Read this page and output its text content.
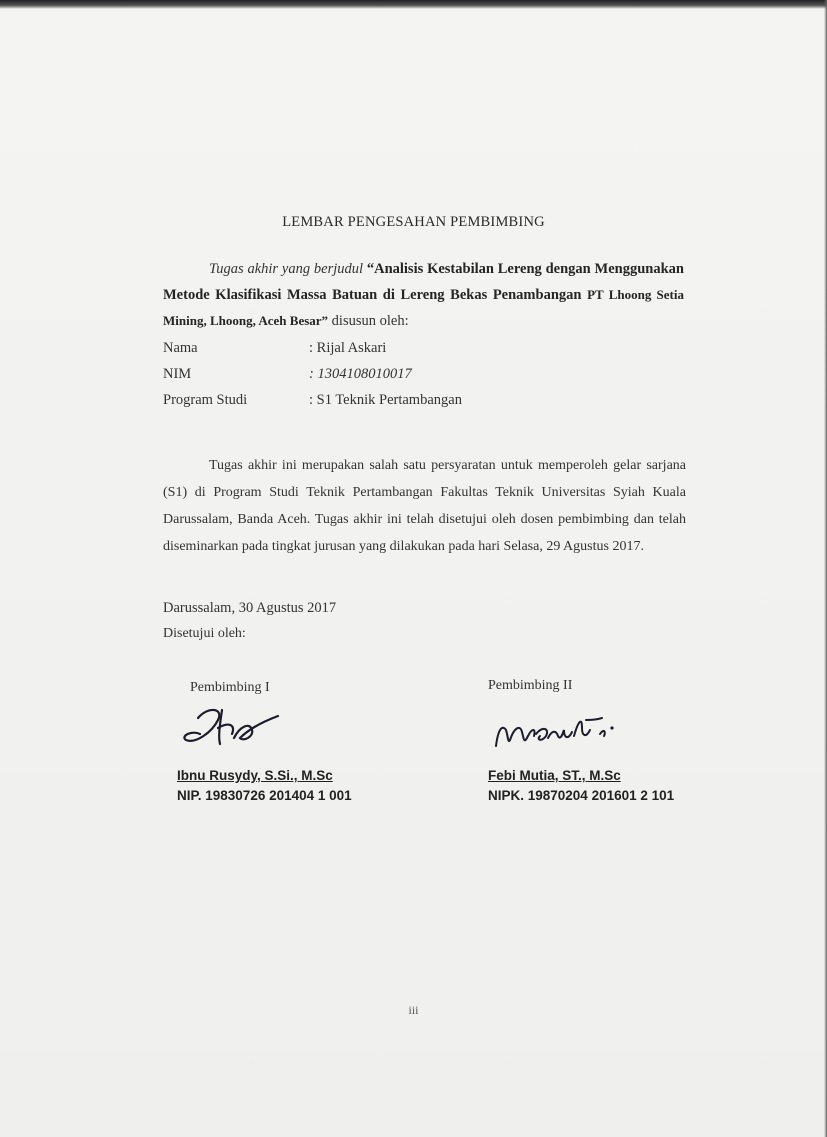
LEMBAR PENGESAHAN PEMBIMBING
Tugas akhir yang berjudul “Analisis Kestabilan Lereng dengan Menggunakan Metode Klasifikasi Massa Batuan di Lereng Bekas Penambangan PT Lhoong Setia Mining, Lhoong, Aceh Besar” disusun oleh:
Nama	: Rijal Askari
NIM	: 1304108010017
Program Studi	: S1 Teknik Pertambangan
Tugas akhir ini merupakan salah satu persyaratan untuk memperoleh gelar sarjana (S1) di Program Studi Teknik Pertambangan Fakultas Teknik Universitas Syiah Kuala Darussalam, Banda Aceh. Tugas akhir ini telah disetujui oleh dosen pembimbing dan telah diseminarkan pada tingkat jurusan yang dilakukan pada hari Selasa, 29 Agustus 2017.
Darussalam, 30 Agustus 2017
Disetujui oleh:
Pembimbing I
Ibnu Rusydy, S.Si., M.Sc
NIP. 19830726 201404 1 001
Pembimbing II
Febi Mutia, ST., M.Sc
NIPK. 19870204 201601 2 101
iii
